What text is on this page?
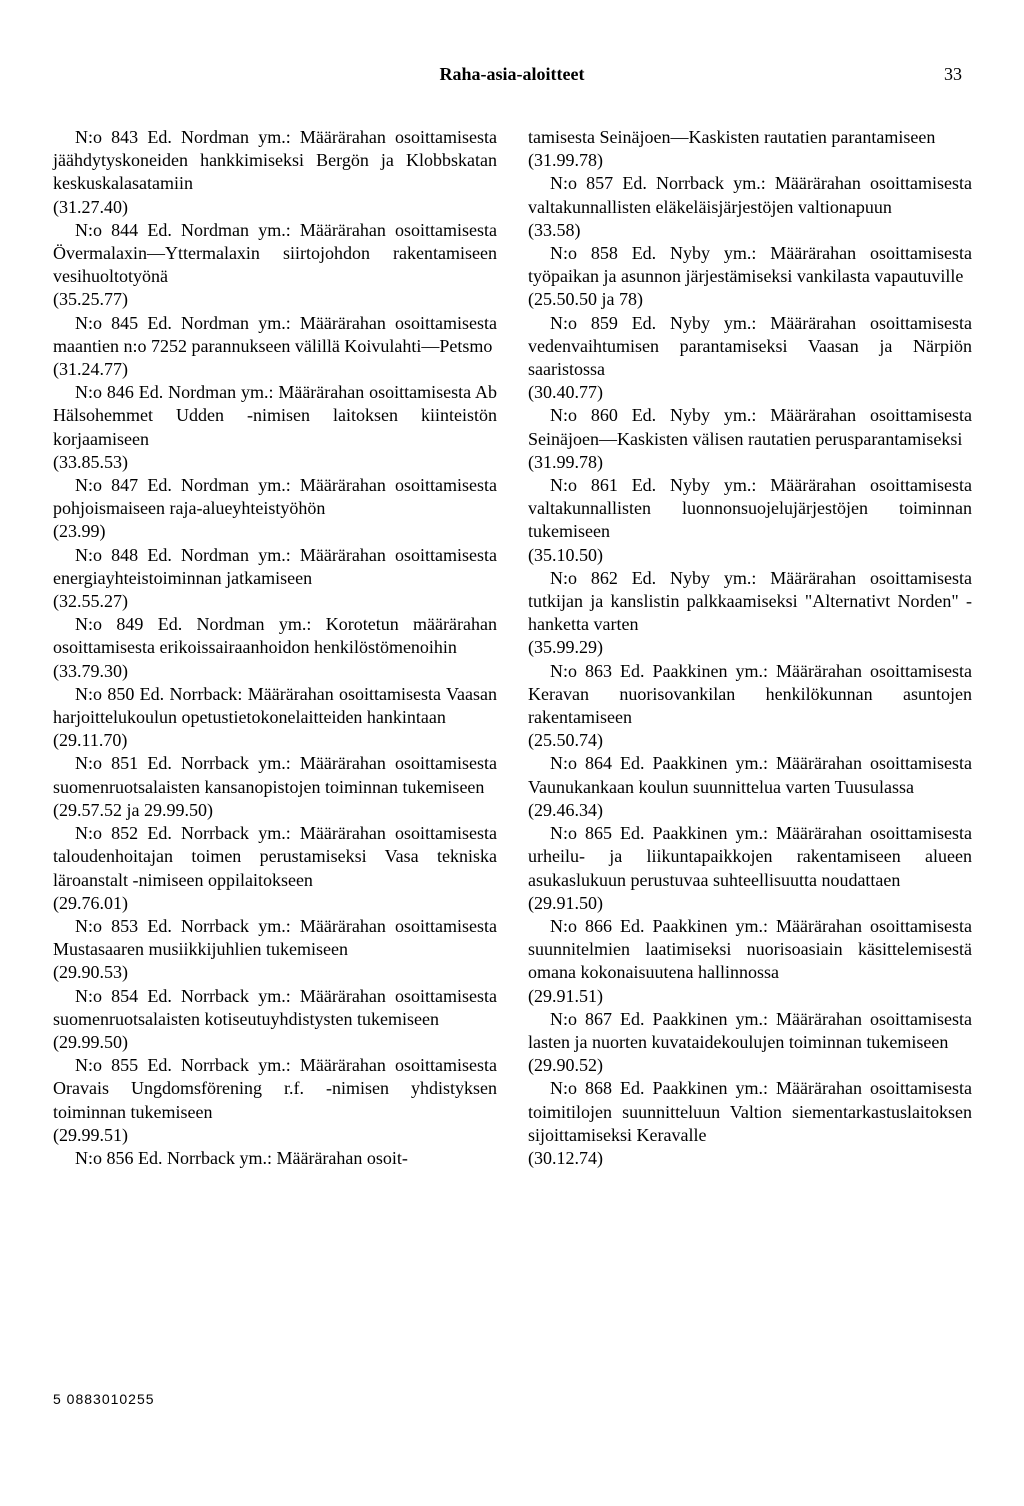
Raha-asia-aloitteet	33

N:o 843 Ed. Nordman ym.: Määrärahan osoittamisesta jäähdytyskoneiden hankkimiseksi Bergön ja Klobbskatan keskuskalasatamiin

(31.27.40)

N:o 844 Ed. Nordman ym.: Määrärahan osoittamisesta Övermalaxin—Yttermalaxin siirtojohdon rakentamiseen vesihuoltotyönä

(35.25.77)

N:o 845 Ed. Nordman ym.: Määrärahan osoittamisesta maantien n:o 7252 parannukseen välillä Koivulahti—Petsmo

(31.24.77)

N:o 846 Ed. Nordman ym.: Määrärahan osoittamisesta Ab Hälsohemmet Udden -nimisen laitoksen kiinteistön korjaamiseen

(33.85.53)

N:o 847 Ed. Nordman ym.: Määrärahan osoittamisesta pohjoismaiseen raja-alueyhteistyöhön

(23.99)

N:o 848 Ed. Nordman ym.: Määrärahan osoittamisesta energiayhteistoiminnan jatkamiseen

(32.55.27)

N:o 849 Ed. Nordman ym.: Korotetun määrärahan osoittamisesta erikoissairaanhoidon henkilöstömenoihin

(33.79.30)

N:o 850 Ed. Norrback: Määrärahan osoittamisesta Vaasan harjoittelukoulun opetustietokonelaitteiden hankintaan

(29.11.70)

N:o 851 Ed. Norrback ym.: Määrärahan osoittamisesta suomenruotsalaisten kansanopistojen toiminnan tukemiseen

(29.57.52 ja 29.99.50)

N:o 852 Ed. Norrback ym.: Määrärahan osoittamisesta taloudenhoitajan toimen perustamiseksi Vasa tekniska läroanstalt -nimiseen oppilaitokseen

(29.76.01)

N:o 853 Ed. Norrback ym.: Määrärahan osoittamisesta Mustasaaren musiikkijuhlien tukemiseen

(29.90.53)

N:o 854 Ed. Norrback ym.: Määrärahan osoittamisesta suomenruotsalaisten kotiseutuyhdistysten tukemiseen

(29.99.50)

N:o 855 Ed. Norrback ym.: Määrärahan osoittamisesta Oravais Ungdomsförening r.f. -nimisen yhdistyksen toiminnan tukemiseen

(29.99.51)

N:o 856 Ed. Norrback ym.: Määrärahan osoit-

tamisesta Seinäjoen—Kaskisten rautatien parantamiseen

(31.99.78)

N:o 857 Ed. Norrback ym.: Määrärahan osoittamisesta valtakunnallisten eläkeläisjärjestöjen valtionapuun

(33.58)

N:o 858 Ed. Nyby ym.: Määrärahan osoittamisesta työpaikan ja asunnon järjestämiseksi vankilasta vapautuville

(25.50.50 ja 78)

N:o 859 Ed. Nyby ym.: Määrärahan osoittamisesta vedenvaihtumisen parantamiseksi Vaasan ja Närpiön saaristossa

(30.40.77)

N:o 860 Ed. Nyby ym.: Määrärahan osoittamisesta Seinäjoen—Kaskisten välisen rautatien perusparantamiseksi

(31.99.78)

N:o 861 Ed. Nyby ym.: Määrärahan osoittamisesta valtakunnallisten luonnonsuojelujärjestöjen toiminnan tukemiseen

(35.10.50)

N:o 862 Ed. Nyby ym.: Määrärahan osoittamisesta tutkijan ja kanslistin palkkaamiseksi "Alternativt Norden" -hanketta varten

(35.99.29)

N:o 863 Ed. Paakkinen ym.: Määrärahan osoittamisesta Keravan nuorisovankilan henkilökunnan asuntojen rakentamiseen

(25.50.74)

N:o 864 Ed. Paakkinen ym.: Määrärahan osoittamisesta Vaunukankaan koulun suunnittelua varten Tuusulassa

(29.46.34)

N:o 865 Ed. Paakkinen ym.: Määrärahan osoittamisesta urheilu- ja liikuntapaikkojen rakentamiseen alueen asukaslukuun perustuvaa suhteellisuutta noudattaen

(29.91.50)

N:o 866 Ed. Paakkinen ym.: Määrärahan osoittamisesta suunnitelmien laatimiseksi nuorisoasiain käsittelemisestä omana kokonaisuutena hallinnossa

(29.91.51)

N:o 867 Ed. Paakkinen ym.: Määrärahan osoittamisesta lasten ja nuorten kuvataidekoulujen toiminnan tukemiseen

(29.90.52)

N:o 868 Ed. Paakkinen ym.: Määrärahan osoittamisesta toimitilojen suunnitteluun Valtion siementarkastuslaitoksen sijoittamiseksi Keravalle

(30.12.74)

5 0883010255
